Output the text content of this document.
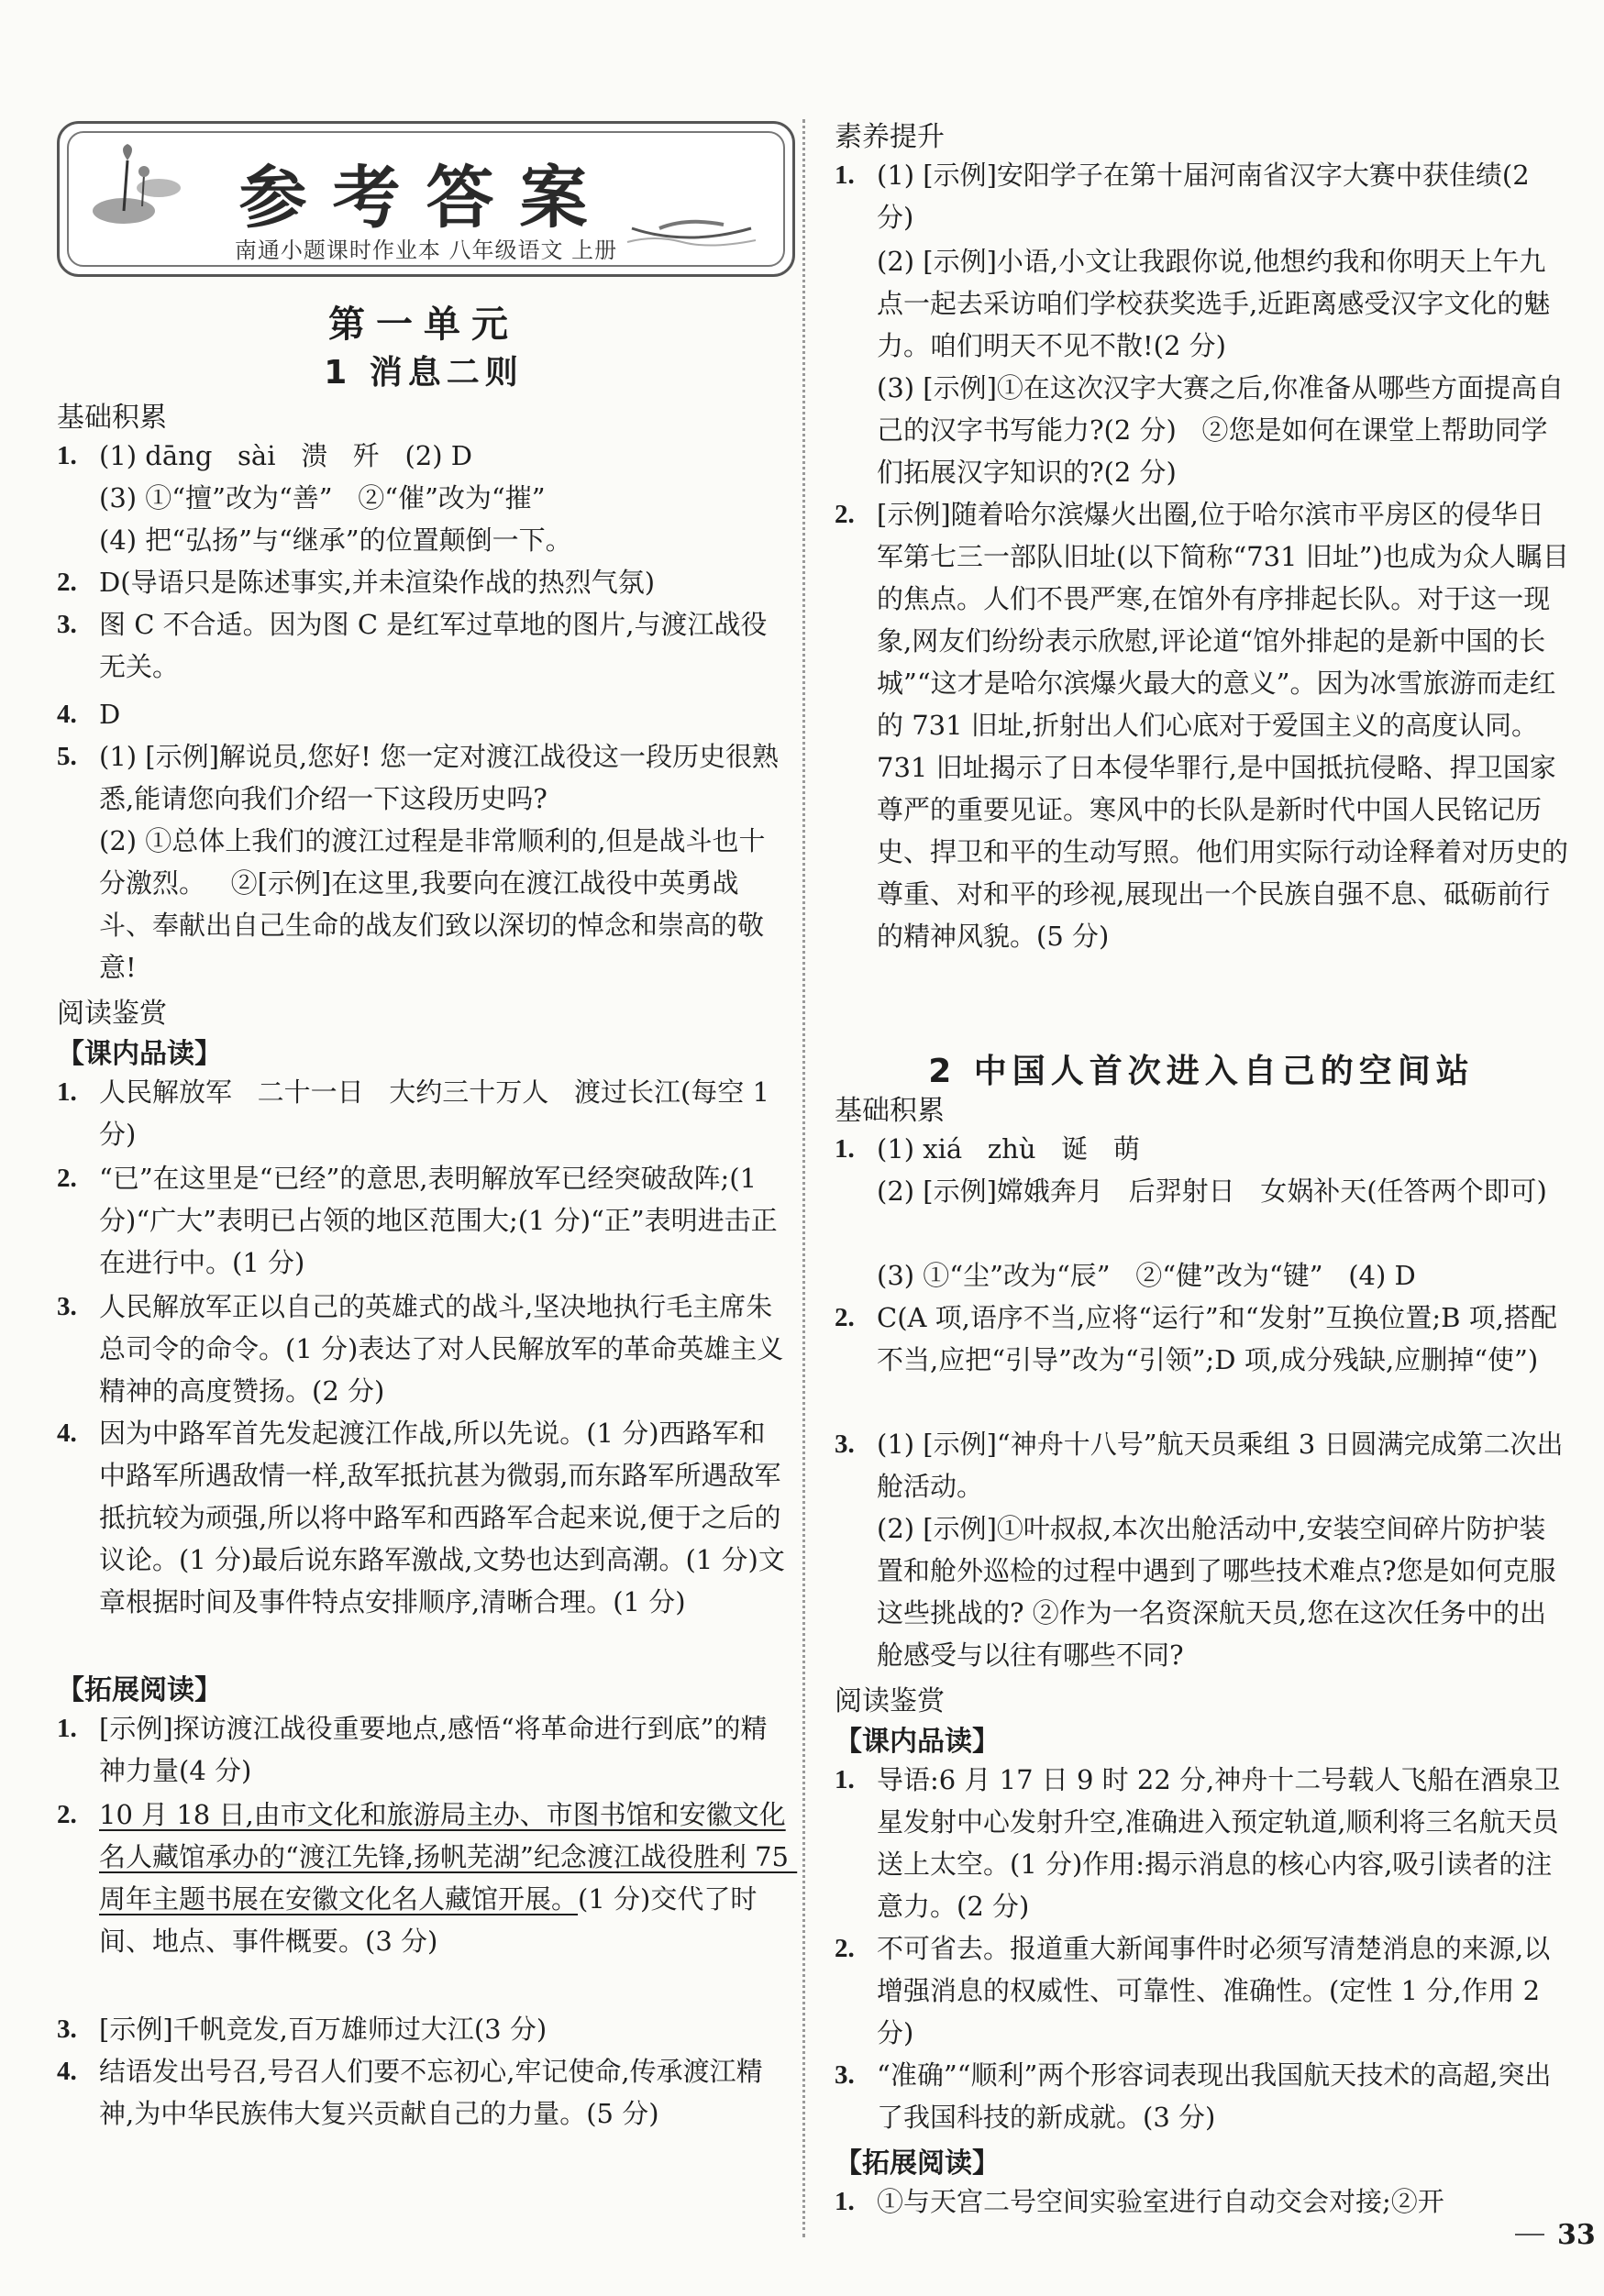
参考答案
南通小题课时作业本 八年级语文 上册
第一单元
1 消息二则
基础积累
1. (1) dāng   sài   溃   歼   (2) D
(3) ①“擅”改为“善”   ②“催”改为“摧”
(4) 把“弘扬”与“继承”的位置颠倒一下。
2. D(导语只是陈述事实,并未渲染作战的热烈气氛)
3. 图 C 不合适。因为图 C 是红军过草地的图片,与渡江战役无关。
4. D
5. (1) [示例]解说员,您好! 您一定对渡江战役这一段历史很熟悉,能请您向我们介绍一下这段历史吗?
(2) ①总体上我们的渡江过程是非常顺利的,但是战斗也十分激烈。   ②[示例]在这里,我要向在渡江战役中英勇战斗、奉献出自己生命的战友们致以深切的悼念和崇高的敬意!
阅读鉴赏
【课内品读】
1. 人民解放军   二十一日   大约三十万人   渡过长江(每空 1 分)
2. “已”在这里是“已经”的意思,表明解放军已经突破敌阵;(1 分)“广大”表明已占领的地区范围大;(1 分)“正”表明进击正在进行中。(1 分)
3. 人民解放军正以自己的英雄式的战斗,坚决地执行毛主席朱总司令的命令。(1 分)表达了对人民解放军的革命英雄主义精神的高度赞扬。(2 分)
4. 因为中路军首先发起渡江作战,所以先说。(1 分)西路军和中路军所遇敌情一样,敌军抵抗甚为微弱,而东路军所遇敌军抵抗较为顽强,所以将中路军和西路军合起来说,便于之后的议论。(1 分)最后说东路军激战,文势也达到高潮。(1 分)文章根据时间及事件特点安排顺序,清晰合理。(1 分)
【拓展阅读】
1. [示例]探访渡江战役重要地点,感悟“将革命进行到底”的精神力量(4 分)
2. 10 月 18 日,由市文化和旅游局主办、市图书馆和安徽文化名人藏馆承办的“渡江先锋,扬帆芜湖”纪念渡江战役胜利 75 周年主题书展在安徽文化名人藏馆开展。(1 分)交代了时间、地点、事件概要。(3 分)
3. [示例]千帆竞发,百万雄师过大江(3 分)
4. 结语发出号召,号召人们要不忘初心,牢记使命,传承渡江精神,为中华民族伟大复兴贡献自己的力量。(5 分)
素养提升
1. (1) [示例]安阳学子在第十届河南省汉字大赛中获佳绩(2 分)
(2) [示例]小语,小文让我跟你说,他想约我和你明天上午九点一起去采访咱们学校获奖选手,近距离感受汉字文化的魅力。咱们明天不见不散!(2 分)
(3) [示例]①在这次汉字大赛之后,你准备从哪些方面提高自己的汉字书写能力?(2 分)   ②您是如何在课堂上帮助同学们拓展汉字知识的?(2 分)
2. [示例]随着哈尔滨爆火出圈,位于哈尔滨市平房区的侵华日军第七三一部队旧址(以下简称“731 旧址”)也成为众人瞩目的焦点。人们不畏严寒,在馆外有序排起长队。对于这一现象,网友们纷纷表示欣慰,评论道“馆外排起的是新中国的长城”“这才是哈尔滨爆火最大的意义”。因为冰雪旅游而走红的 731 旧址,折射出人们心底对于爱国主义的高度认同。731 旧址揭示了日本侵华罪行,是中国抵抗侵略、捍卫国家尊严的重要见证。寒风中的长队是新时代中国人民铭记历史、捍卫和平的生动写照。他们用实际行动诠释着对历史的尊重、对和平的珍视,展现出一个民族自强不息、砥砺前行的精神风貌。(5 分)
2 中国人首次进入自己的空间站
基础积累
1. (1) xiá   zhù   诞   萌
(2) [示例]嫦娥奔月   后羿射日   女娲补天(任答两个即可)
(3) ①“尘”改为“辰”   ②“健”改为“键”   (4) D
2. C(A 项,语序不当,应将“运行”和“发射”互换位置;B 项,搭配不当,应把“引导”改为“引领”;D 项,成分残缺,应删掉“使”)
3. (1) [示例]“神舟十八号”航天员乘组 3 日圆满完成第二次出舱活动。
(2) [示例]①叶叔叔,本次出舱活动中,安装空间碎片防护装置和舱外巡检的过程中遇到了哪些技术难点?您是如何克服这些挑战的? ②作为一名资深航天员,您在这次任务中的出舱感受与以往有哪些不同?
阅读鉴赏
【课内品读】
1. 导语:6 月 17 日 9 时 22 分,神舟十二号载人飞船在酒泉卫星发射中心发射升空,准确进入预定轨道,顺利将三名航天员送上太空。(1 分)作用:揭示消息的核心内容,吸引读者的注意力。(2 分)
2. 不可省去。报道重大新闻事件时必须写清楚消息的来源,以增强消息的权威性、可靠性、准确性。(定性 1 分,作用 2 分)
3. “准确”“顺利”两个形容词表现出我国航天技术的高超,突出了我国科技的新成就。(3 分)
【拓展阅读】
1. ①与天宫二号空间实验室进行自动交会对接;②开
33
